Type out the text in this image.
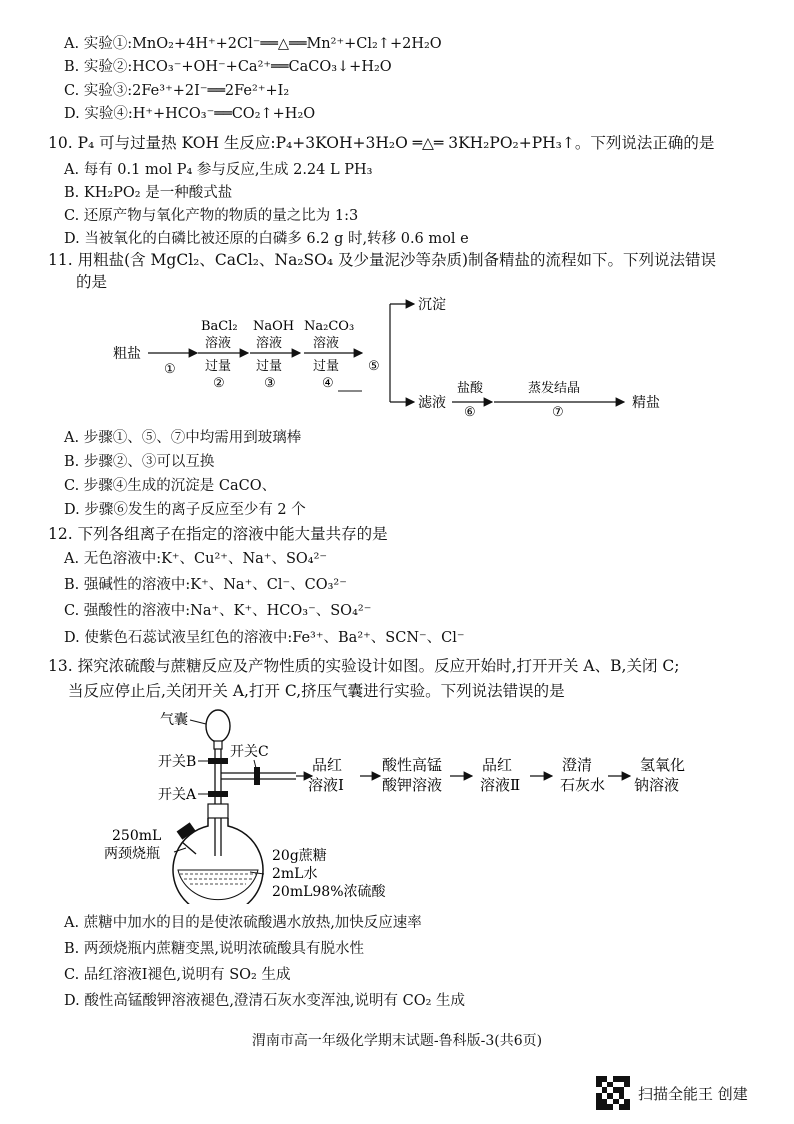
A. 实验①:MnO₂+4H⁺+2Cl⁻══△══Mn²⁺+Cl₂↑+2H₂O
B. 实验②:HCO₃⁻+OH⁻+Ca²⁺══CaCO₃↓+H₂O
C. 实验③:2Fe³⁺+2I⁻══2Fe²⁺+I₂
D. 实验④:H⁺+HCO₃⁻══CO₂↑+H₂O
10. P₄ 可与过量热 KOH 生反应:P₄+3KOH+3H₂O ═△═ 3KH₂PO₂+PH₃↑。下列说法正确的是
A. 每有 0.1 mol P₄ 参与反应,生成 2.24 L PH₃
B. KH₂PO₂ 是一种酸式盐
C. 还原产物与氧化产物的物质的量之比为 1:3
D. 当被氧化的白磷比被还原的白磷多 6.2 g 时,转移 0.6 mol e
11. 用粗盐(含 MgCl₂、CaCl₂、Na₂SO₄ 及少量泥沙等杂质)制备精盐的流程如下。下列说法错误
的是
粗盐
①
BaCl₂
溶液
过量
②
NaOH
溶液
过量
③
Na₂CO₃
溶液
过量
④
⑤
沉淀
滤液
盐酸
⑥
蒸发结晶
⑦
精盐
A. 步骤①、⑤、⑦中均需用到玻璃棒
B. 步骤②、③可以互换
C. 步骤④生成的沉淀是 CaCO、
D. 步骤⑥发生的离子反应至少有 2 个
12. 下列各组离子在指定的溶液中能大量共存的是
A. 无色溶液中:K⁺、Cu²⁺、Na⁺、SO₄²⁻
B. 强碱性的溶液中:K⁺、Na⁺、Cl⁻、CO₃²⁻
C. 强酸性的溶液中:Na⁺、K⁺、HCO₃⁻、SO₄²⁻
D. 使紫色石蕊试液呈红色的溶液中:Fe³⁺、Ba²⁺、SCN⁻、Cl⁻
13. 探究浓硫酸与蔗糖反应及产物性质的实验设计如图。反应开始时,打开开关 A、B,关闭 C;
当反应停止后,关闭开关 A,打开 C,挤压气囊进行实验。下列说法错误的是
气囊
开关B
开关A
开关C
品红
溶液Ⅰ
酸性高锰
酸钾溶液
品红
溶液Ⅱ
澄清
石灰水
氢氧化
钠溶液
250mL
两颈烧瓶	20g蔗糖
2mL水
20mL98%浓硫酸
A. 蔗糖中加水的目的是使浓硫酸遇水放热,加快反应速率
B. 两颈烧瓶内蔗糖变黑,说明浓硫酸具有脱水性
C. 品红溶液Ⅰ褪色,说明有 SO₂ 生成
D. 酸性高锰酸钾溶液褪色,澄清石灰水变浑浊,说明有 CO₂ 生成
渭南市高一年级化学期末试题-鲁科版-3(共6页)
扫描全能王 创建
